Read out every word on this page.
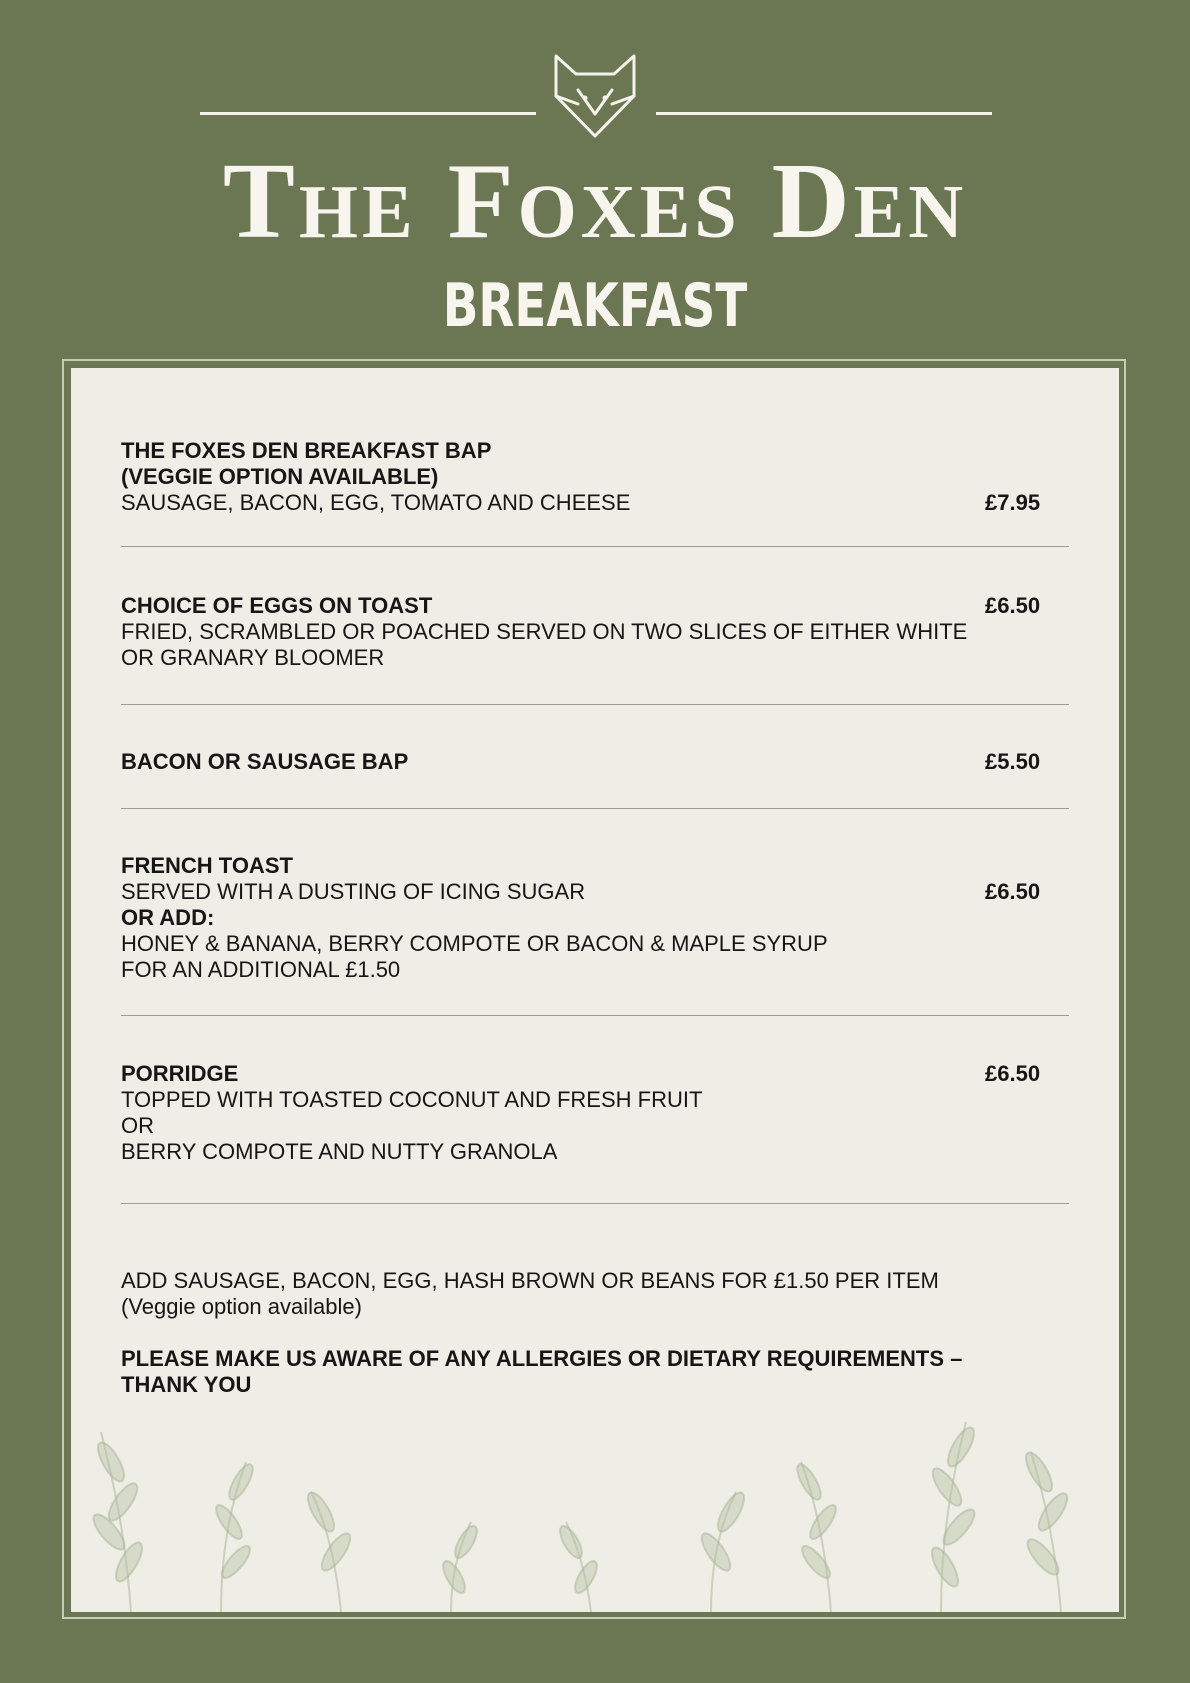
The Foxes Den
BREAKFAST
THE FOXES DEN BREAKFAST BAP
(VEGGIE OPTION AVAILABLE)
SAUSAGE, BACON, EGG, TOMATO AND CHEESE	£7.95
CHOICE OF EGGS ON TOAST
FRIED, SCRAMBLED OR POACHED SERVED ON TWO SLICES OF EITHER WHITE
OR GRANARY BLOOMER
£6.50
BACON OR SAUSAGE BAP	£5.50
FRENCH TOAST
SERVED WITH A DUSTING OF ICING SUGAR
OR ADD:
HONEY & BANANA, BERRY COMPOTE OR BACON & MAPLE SYRUP
FOR AN ADDITIONAL £1.50
£6.50
PORRIDGE
TOPPED WITH TOASTED COCONUT AND FRESH FRUIT
OR
BERRY COMPOTE AND NUTTY GRANOLA
£6.50
ADD SAUSAGE, BACON, EGG, HASH BROWN OR BEANS FOR £1.50 PER ITEM
(Veggie option available)
PLEASE MAKE US AWARE OF ANY ALLERGIES OR DIETARY REQUIREMENTS –
THANK YOU
